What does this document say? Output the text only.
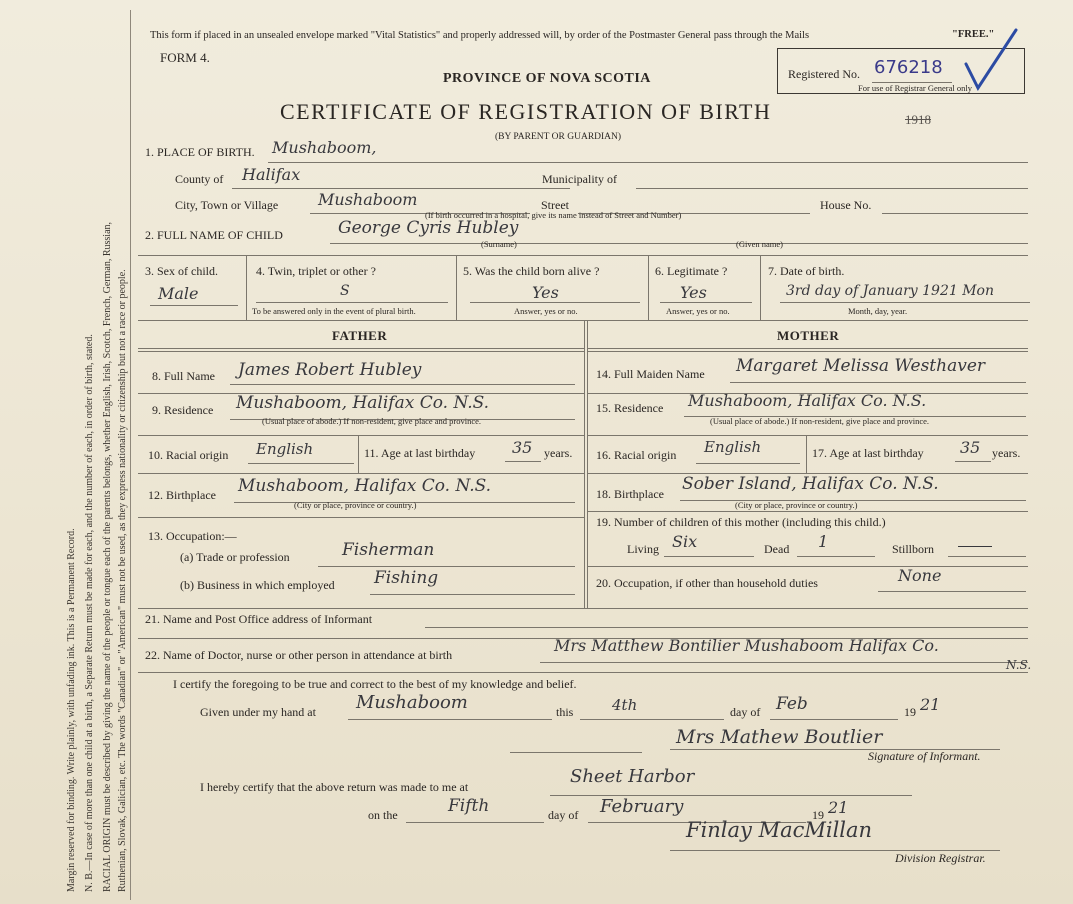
Margin reserved for binding. Write plainly, with unfading ink. This is a Permanent Record. N. B.—In case of more than one child at a birth, a Separate Return must be made for each, and the number of each, in order of birth, stated. RACIAL ORIGIN must be described by giving the name of the people or tongue each of the parents belongs, whether English, Irish, Scotch, French, German, Russian, Ruthenian, Slovak, Galician, etc. The words "Canadian" or "American" must not be used, as they express nationality or citizenship but not a race or people.
This form if placed in an unsealed envelope marked "Vital Statistics" and properly addressed will, by order of the Postmaster General pass through the Mails	"FREE."
FORM 4.
PROVINCE OF NOVA SCOTIA
CERTIFICATE OF REGISTRATION OF BIRTH	1918
(BY PARENT OR GUARDIAN)
Registered No. 676218
For use of Registrar General only
1. PLACE OF BIRTH. Mushaboom,
County of Halifax	Municipality of
City, Town or Village Mushaboom	Street	House No.
(If birth occurred in a hospital, give its name instead of Street and Number)
2. FULL NAME OF CHILD	George Cyris Hubley
(Surname)	(Given name)
3. Sex of child.
Male
4. Twin, triplet or other ?
S
To be answered only in the event of plural birth.
5. Was the child born alive ?
Yes
Answer, yes or no.
6. Legitimate ?
Yes
Answer, yes or no.
7. Date of birth.
3rd day of January 1921 Mon
Month, day, year.
FATHER	MOTHER
8. Full Name James Robert Hubley
9. Residence Mushaboom, Halifax Co. N.S.
(Usual place of abode.) If non-resident, give place and province.
10. Racial origin English	11. Age at last birthday 35 years.
12. Birthplace Mushaboom, Halifax Co. N.S.
(City or place, province or country.)
13. Occupation:—
(a) Trade or profession	Fisherman
(b) Business in which employed Fishing
14. Full Maiden Name Margaret Melissa Westhaver
15. Residence Mushaboom, Halifax Co. N.S.
(Usual place of abode.) If non-resident, give place and province.
16. Racial origin English	17. Age at last birthday 35 years.
18. Birthplace Sober Island, Halifax Co. N.S.
(City or place, province or country.)
19. Number of children of this mother (including this child.)
Living Six	Dead 1	Stillborn
20. Occupation, if other than household duties	None
21. Name and Post Office address of Informant
22. Name of Doctor, nurse or other person in attendance at birth	Mrs Matthew Bontilier Mushaboom Halifax Co.
N.S.
I certify the foregoing to be true and correct to the best of my knowledge and belief.
Given under my hand at Mushaboom	this	4th	day of Feb	19 21
Mrs Mathew Boutlier
Signature of Informant.
I hereby certify that the above return was made to me at	Sheet Harbor
on the	Fifth	day of February	19 21
Finlay MacMillan
Division Registrar.
